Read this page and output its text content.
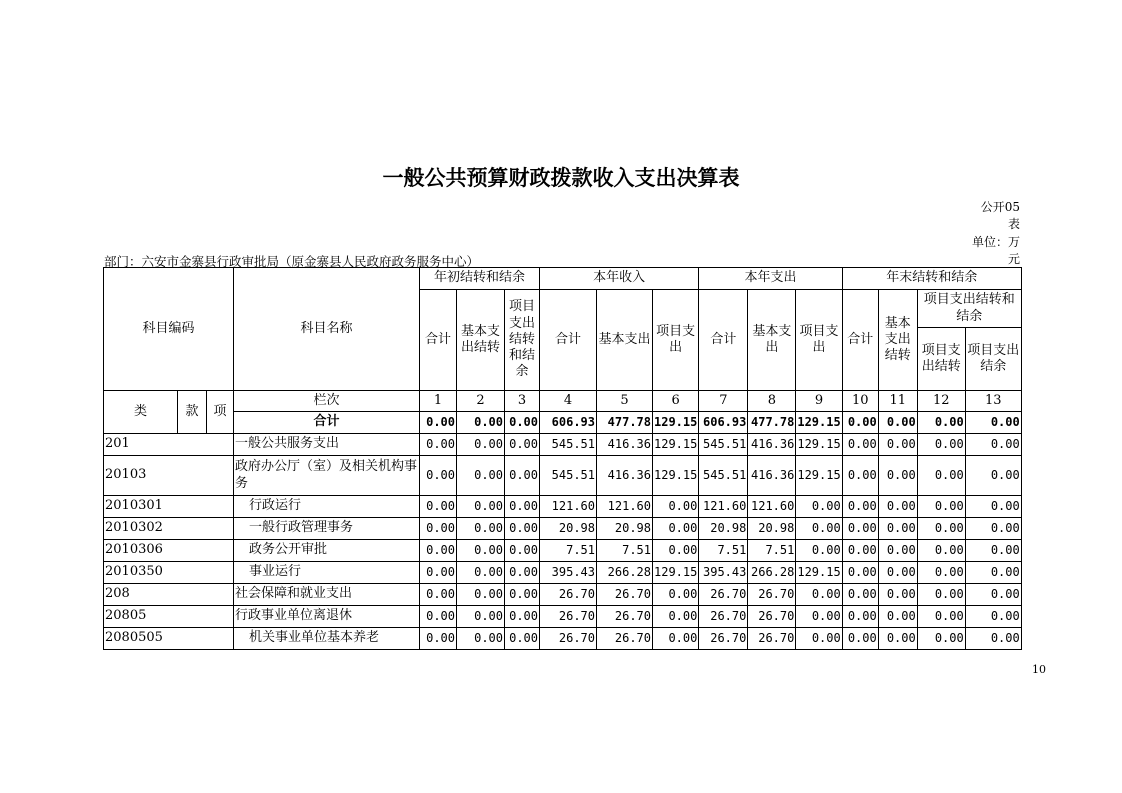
一般公共预算财政拨款收入支出决算表
公开05
表
单位：万
元
部门：六安市金寨县行政审批局（原金寨县人民政府政务服务中心）
科目编码			科目名称	年初结转和结余			本年收入			本年支出			年末结转和结余			
				合计	基本支出结转	项目支出结转和结余	合计	基本支出	项目支出	合计	基本支出	项目支出	合计	基本支出结转	项目支出结转和结余	
															项目支出结转	项目支出结余
类	款	项	栏次	1	2	3	4	5	6	7	8	9	10	11	12	13
			合计	0.00	0.00	0.00	606.93	477.78	129.15	606.93	477.78	129.15	0.00	0.00	0.00	0.00
201			一般公共服务支出	0.00	0.00	0.00	545.51	416.36	129.15	545.51	416.36	129.15	0.00	0.00	0.00	0.00
20103			政府办公厅（室）及相关机构事务	0.00	0.00	0.00	545.51	416.36	129.15	545.51	416.36	129.15	0.00	0.00	0.00	0.00
2010301			行政运行	0.00	0.00	0.00	121.60	121.60	0.00	121.60	121.60	0.00	0.00	0.00	0.00	0.00
2010302			一般行政管理事务	0.00	0.00	0.00	20.98	20.98	0.00	20.98	20.98	0.00	0.00	0.00	0.00	0.00
2010306			政务公开审批	0.00	0.00	0.00	7.51	7.51	0.00	7.51	7.51	0.00	0.00	0.00	0.00	0.00
2010350			事业运行	0.00	0.00	0.00	395.43	266.28	129.15	395.43	266.28	129.15	0.00	0.00	0.00	0.00
208			社会保障和就业支出	0.00	0.00	0.00	26.70	26.70	0.00	26.70	26.70	0.00	0.00	0.00	0.00	0.00
20805			行政事业单位离退休	0.00	0.00	0.00	26.70	26.70	0.00	26.70	26.70	0.00	0.00	0.00	0.00	0.00
2080505			机关事业单位基本养老	0.00	0.00	0.00	26.70	26.70	0.00	26.70	26.70	0.00	0.00	0.00	0.00	0.00
10
